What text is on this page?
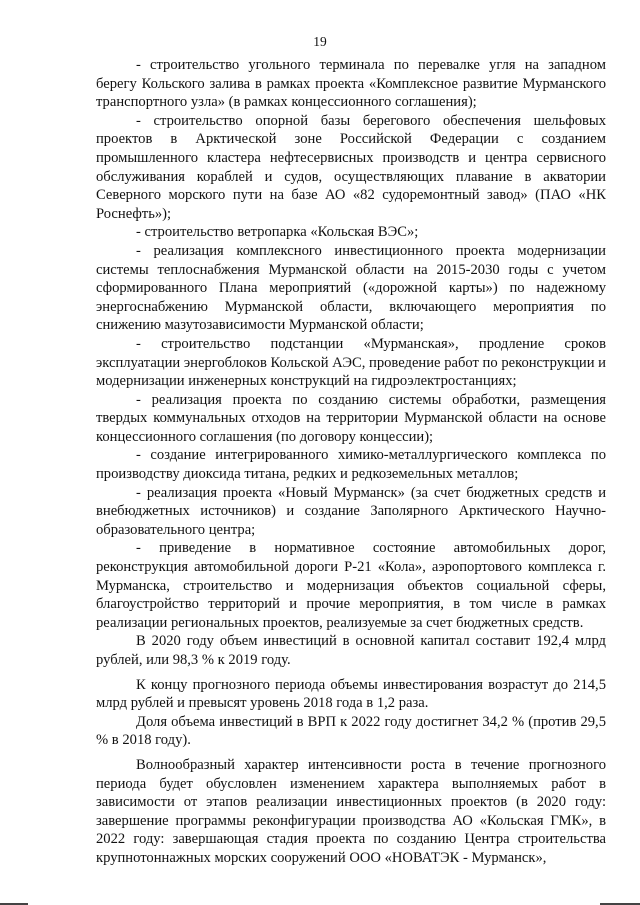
19

- строительство угольного терминала по перевалке угля на западном берегу Кольского залива в рамках проекта «Комплексное развитие Мурманского транспортного узла» (в рамках концессионного соглашения);

- строительство опорной базы берегового обеспечения шельфовых проектов в Арктической зоне Российской Федерации с созданием промышленного кластера нефтесервисных производств и центра сервисного обслуживания кораблей и судов, осуществляющих плавание в акватории Северного морского пути на базе АО «82 судоремонтный завод» (ПАО «НК Роснефть»);

- строительство ветропарка «Кольская ВЭС»;

- реализация комплексного инвестиционного проекта модернизации системы теплоснабжения Мурманской области на 2015-2030 годы с учетом сформированного Плана мероприятий («дорожной карты») по надежному энергоснабжению Мурманской области, включающего мероприятия по снижению мазутозависимости Мурманской области;

- строительство подстанции «Мурманская», продление сроков эксплуатации энергоблоков Кольской АЭС, проведение работ по реконструкции и модернизации инженерных конструкций на гидроэлектростанциях;

- реализация проекта по созданию системы обработки, размещения твердых коммунальных отходов на территории Мурманской области на основе концессионного соглашения (по договору концессии);

- создание интегрированного химико-металлургического комплекса по производству диоксида титана, редких и редкоземельных металлов;

- реализация проекта «Новый Мурманск» (за счет бюджетных средств и внебюджетных источников) и создание Заполярного Арктического Научно-образовательного центра;

- приведение в нормативное состояние автомобильных дорог, реконструкция автомобильной дороги Р-21 «Кола», аэропортового комплекса г. Мурманска, строительство и модернизация объектов социальной сферы, благоустройство территорий и прочие мероприятия, в том числе в рамках реализации региональных проектов, реализуемые за счет бюджетных средств.

В 2020 году объем инвестиций в основной капитал составит 192,4 млрд рублей, или 98,3 % к 2019 году.

К концу прогнозного периода объемы инвестирования возрастут до 214,5 млрд рублей и превысят уровень 2018 года в 1,2 раза.

Доля объема инвестиций в ВРП к 2022 году достигнет 34,2 % (против 29,5 % в 2018 году).

Волнообразный характер интенсивности роста в течение прогнозного периода будет обусловлен изменением характера выполняемых работ в зависимости от этапов реализации инвестиционных проектов (в 2020 году: завершение программы реконфигурации производства АО «Кольская ГМК», в 2022 году: завершающая стадия проекта по созданию Центра строительства крупнотоннажных морских сооружений ООО «НОВАТЭК - Мурманск»,
